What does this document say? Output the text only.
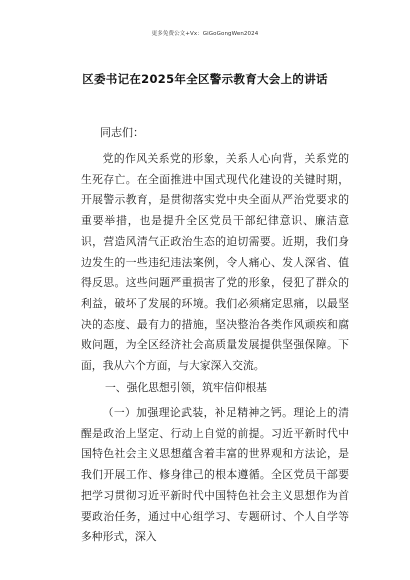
更多免费公文+Vx：GiGoGongWen2024
区委书记在2025年全区警示教育大会上的讲话
同志们：

党的作风关系党的形象，关系人心向背，关系党的生死存亡。在全面推进中国式现代化建设的关键时期，开展警示教育，是贯彻落实党中央全面从严治党要求的重要举措，也是提升全区党员干部纪律意识、廉洁意识，营造风清气正政治生态的迫切需要。近期，我们身边发生的一些违纪违法案例，令人痛心、发人深省、值得反思。这些问题严重损害了党的形象，侵犯了群众的利益，破坏了发展的环境。我们必须痛定思痛，以最坚决的态度、最有力的措施，坚决整治各类作风顽疾和腐败问题，为全区经济社会高质量发展提供坚强保障。下面，我从六个方面，与大家深入交流。

一、强化思想引领，筑牢信仰根基

（一）加强理论武装，补足精神之钙。理论上的清醒是政治上坚定、行动上自觉的前提。习近平新时代中国特色社会主义思想蕴含着丰富的世界观和方法论，是我们开展工作、修身律己的根本遵循。全区党员干部要把学习贯彻习近平新时代中国特色社会主义思想作为首要政治任务，通过中心组学习、专题研讨、个人自学等多种形式，深入
